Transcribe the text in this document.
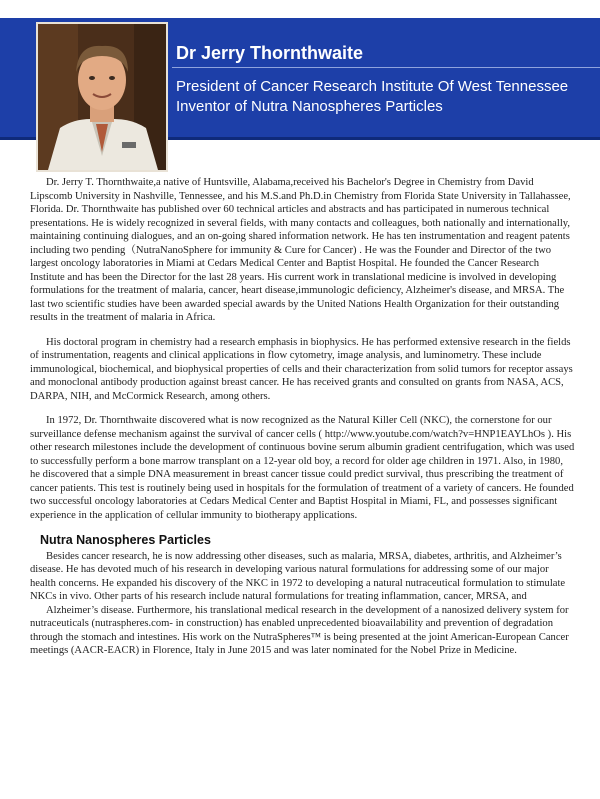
Dr Jerry Thornthwaite
President of Cancer Research Institute Of West Tennessee
Inventor of Nutra Nanospheres Particles

Dr. Jerry T. Thornthwaite,a native of Huntsville, Alabama,received his Bachelor's Degree in Chemistry from David Lipscomb University in Nashville, Tennessee, and his M.S.and Ph.D.in Chemistry from Florida State University in Tallahassee, Florida. Dr. Thornthwaite has published over 60 technical articles and abstracts and has participated in numerous technical presentations. He is widely recognized in several fields, with many contacts and colleagues, both nationally and internationally, maintaining continuing dialogues, and an on-going shared information network. He has ten instrumentation and reagent patents including two pending（NutraNanoSphere for immunity & Cure for Cancer) . He was the Founder and Director of the two largest oncology laboratories in Miami at Cedars Medical Center and Baptist Hospital. He founded the Cancer Research Institute and has been the Director for the last 28 years. His current work in translational medicine is involved in developing formulations for the treatment of malaria, cancer, heart disease,immunologic deficiency, Alzheimer's disease, and MRSA. The last two scientific studies have been awarded special awards by the United Nations Health Organization for their outstanding results in the treatment of malaria in Africa.

His doctoral program in chemistry had a research emphasis in biophysics. He has performed extensive research in the fields of instrumentation, reagents and clinical applications in flow cytometry, image analysis, and luminometry. These include immunological, biochemical, and biophysical properties of cells and their characterization from solid tumors for receptor assays and monoclonal antibody production against breast cancer. He has received grants and consulted on grants from NASA, ACS, DARPA, NIH, and McCormick Research, among others.

In 1972, Dr. Thornthwaite discovered what is now recognized as the Natural Killer Cell (NKC), the cornerstone for our surveillance defense mechanism against the survival of cancer cells ( http://www.youtube.com/watch?v=HNP1EAYLhOs ). His other research milestones include the development of continuous bovine serum albumin gradient centrifugation, which was used to successfully perform a bone marrow transplant on a 12-year old boy, a record for older age children in 1971. Also, in 1980, he discovered that a simple DNA measurement in breast cancer tissue could predict survival, thus prescribing the treatment of cancer patients. This test is routinely being used in hospitals for the formulation of treatment of a variety of cancers. He founded two successful oncology laboratories at Cedars Medical Center and Baptist Hospital in Miami, FL, and possesses significant experience in the application of cellular immunity to biotherapy applications.

Nutra Nanospheres Particles

Besides cancer research, he is now addressing other diseases, such as malaria, MRSA, diabetes, arthritis, and Alzheimer’s disease. He has devoted much of his research in developing various natural formulations for addressing some of our major health concerns. He expanded his discovery of the NKC in 1972 to developing a natural nutraceutical formulation to stimulate NKCs in vivo. Other parts of his research include natural formulations for treating inflammation, cancer, MRSA, and

Alzheimer’s disease. Furthermore, his translational medical research in the development of a nanosized delivery system for nutraceuticals (nutraspheres.com- in construction) has enabled unprecedented bioavailability and prevention of degradation through the stomach and intestines. His work on the NutraSpheres™ is being presented at the joint American-European Cancer meetings (AACR-EACR) in Florence, Italy in June 2015 and was later nominated for the Nobel Prize in Medicine.
